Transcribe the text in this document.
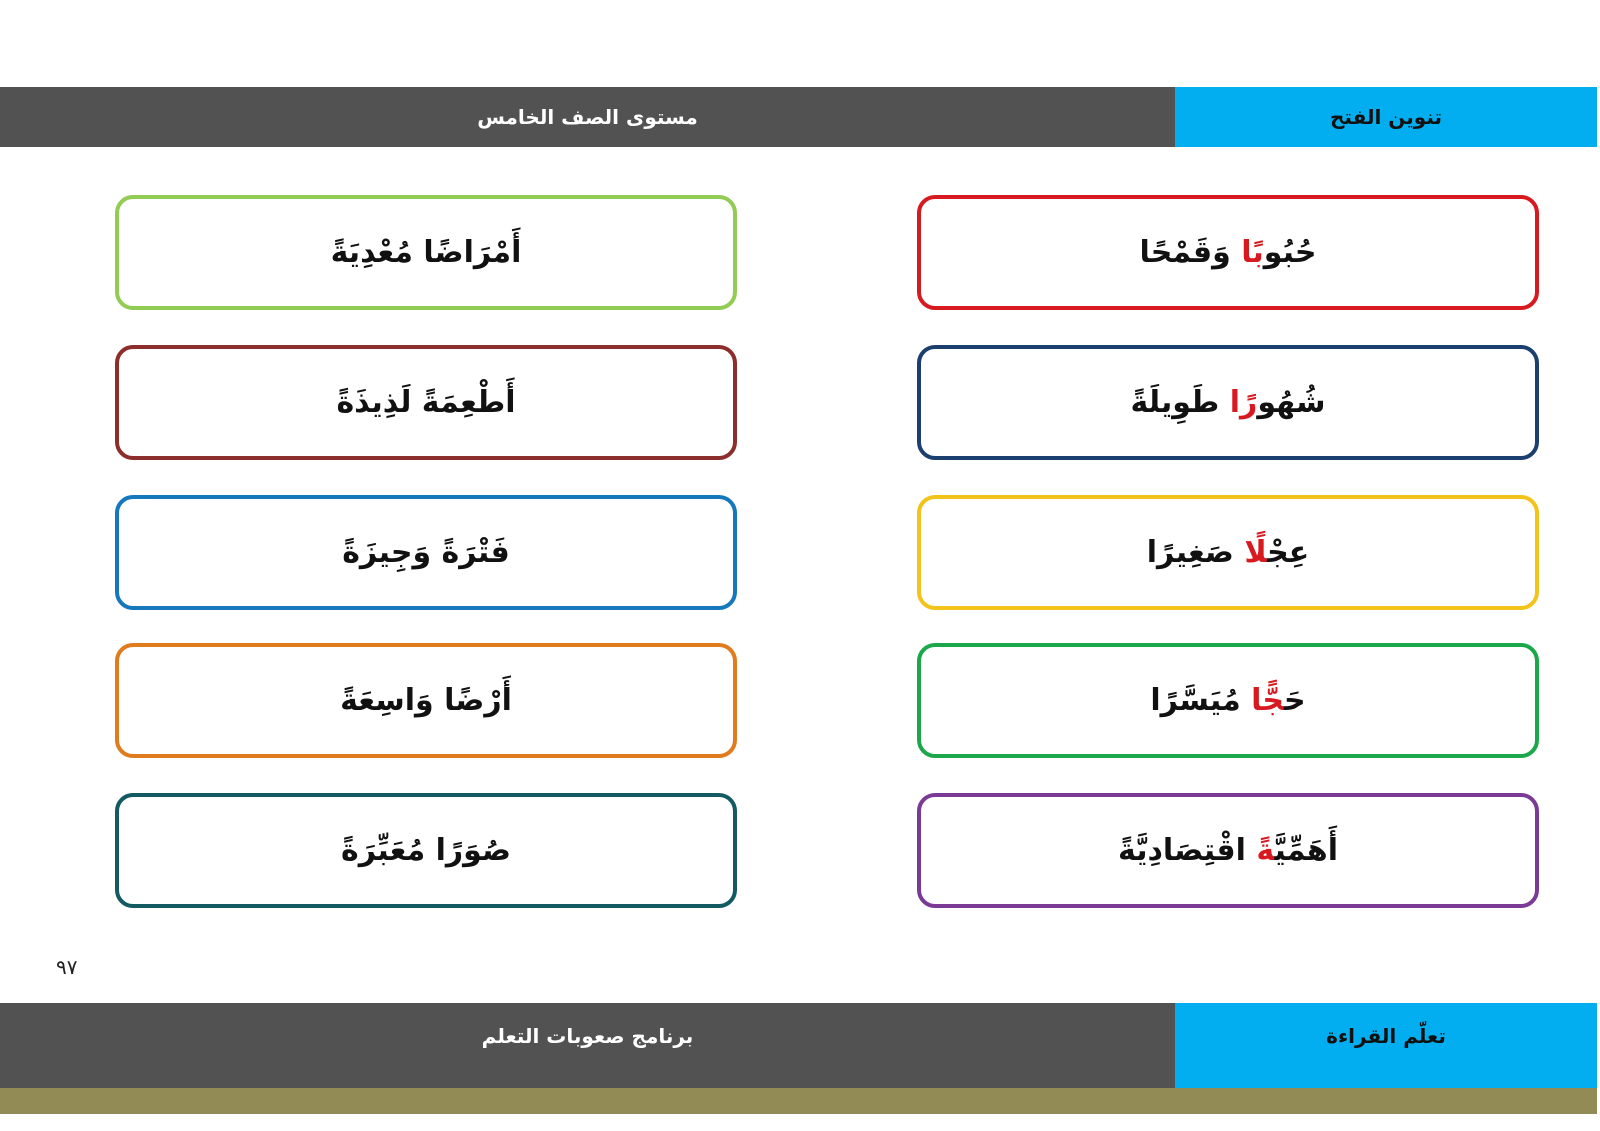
مستوى الصف الخامس	تنوين الفتح
حُبُوبًا وَقَمْحًا
شُهُورًا طَوِيلَةً
عِجْلًا صَغِيرًا
حَجًّا مُيَسَّرًا
أَهَمِّيَّةً اقْتِصَادِيَّةً
أَمْرَاضًا مُعْدِيَةً
أَطْعِمَةً لَذِيذَةً
فَتْرَةً وَجِيزَةً
أَرْضًا وَاسِعَةً
صُوَرًا مُعَبِّرَةً
٩٧
برنامج صعوبات التعلم	تعلّم القراءة
